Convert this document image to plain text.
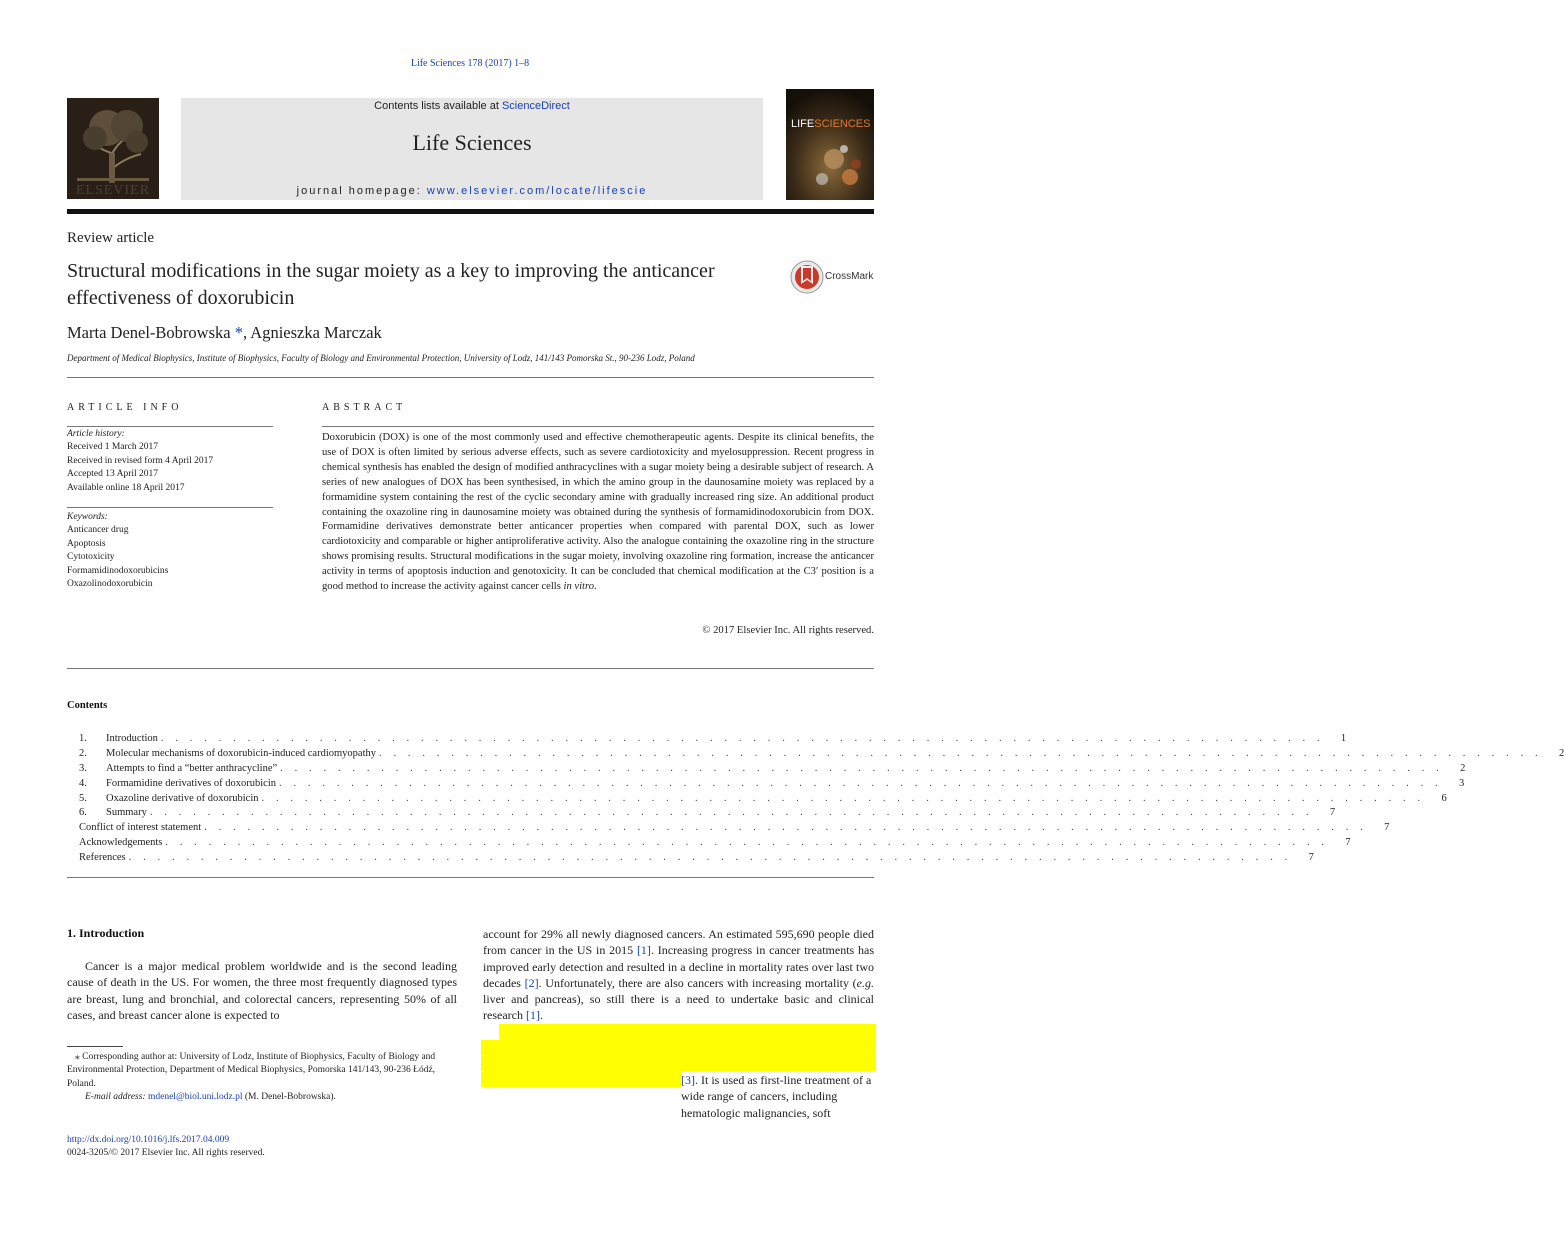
Life Sciences 178 (2017) 1–8
ELSEVIER
Contents lists available at ScienceDirect
Life Sciences
journal homepage: www.elsevier.com/locate/lifescie
LIFESCIENCES
Review article
Structural modifications in the sugar moiety as a key to improving the anticancer effectiveness of doxorubicin
CrossMark
Marta Denel-Bobrowska *, Agnieszka Marczak
Department of Medical Biophysics, Institute of Biophysics, Faculty of Biology and Environmental Protection, University of Lodz, 141/143 Pomorska St., 90-236 Lodz, Poland
ARTICLE INFO
Article history:
Received 1 March 2017
Received in revised form 4 April 2017
Accepted 13 April 2017
Available online 18 April 2017
Keywords:
Anticancer drug
Apoptosis
Cytotoxicity
Formamidinodoxorubicins
Oxazolinodoxorubicin
ABSTRACT
Doxorubicin (DOX) is one of the most commonly used and effective chemotherapeutic agents. Despite its clinical benefits, the use of DOX is often limited by serious adverse effects, such as severe cardiotoxicity and myelosuppression. Recent progress in chemical synthesis has enabled the design of modified anthracyclines with a sugar moiety being a desirable subject of research. A series of new analogues of DOX has been synthesised, in which the amino group in the daunosamine moiety was replaced by a formamidine system containing the rest of the cyclic secondary amine with gradually increased ring size. An additional product containing the oxazoline ring in daunosamine moiety was obtained during the synthesis of formamidinodoxorubicin from DOX. Formamidine derivatives demonstrate better anticancer properties when compared with parental DOX, such as lower cardiotoxicity and comparable or higher antiproliferative activity. Also the analogue containing the oxazoline ring in the structure shows promising results. Structural modifications in the sugar moiety, involving oxazoline ring formation, increase the anticancer activity in terms of apoptosis induction and genotoxicity. It can be concluded that chemical modification at the C3′ position is a good method to increase the activity against cancer cells in vitro.
© 2017 Elsevier Inc. All rights reserved.
Contents
1.	Introduction . . . . . . . . . . . . . . . . . . . . . . . . . . . . . . . . . . . . . . . . . . . . . . . . . . . . . . . . . . . . . . . . . . . . . . . . . . . . . . . . .	1
2.	Molecular mechanisms of doxorubicin-induced cardiomyopathy . . . . . . . . . . . . . . . . . . . . . . . . . . . . . . . . . . . . . . . . . . . . . . . . . . . . . . . . . . . . . . . . . . . . . . . . . . . . . . . . .	2
3.	Attempts to find a “better anthracycline” . . . . . . . . . . . . . . . . . . . . . . . . . . . . . . . . . . . . . . . . . . . . . . . . . . . . . . . . . . . . . . . . . . . . . . . . . . . . . . . . .	2
4.	Formamidine derivatives of doxorubicin . . . . . . . . . . . . . . . . . . . . . . . . . . . . . . . . . . . . . . . . . . . . . . . . . . . . . . . . . . . . . . . . . . . . . . . . . . . . . . . . .	3
5.	Oxazoline derivative of doxorubicin . . . . . . . . . . . . . . . . . . . . . . . . . . . . . . . . . . . . . . . . . . . . . . . . . . . . . . . . . . . . . . . . . . . . . . . . . . . . . . . . .	6
6.	Summary . . . . . . . . . . . . . . . . . . . . . . . . . . . . . . . . . . . . . . . . . . . . . . . . . . . . . . . . . . . . . . . . . . . . . . . . . . . . . . . . .	7
Conflict of interest statement . . . . . . . . . . . . . . . . . . . . . . . . . . . . . . . . . . . . . . . . . . . . . . . . . . . . . . . . . . . . . . . . . . . . . . . . . . . . . . . . .	7
Acknowledgements . . . . . . . . . . . . . . . . . . . . . . . . . . . . . . . . . . . . . . . . . . . . . . . . . . . . . . . . . . . . . . . . . . . . . . . . . . . . . . . . .	7
References . . . . . . . . . . . . . . . . . . . . . . . . . . . . . . . . . . . . . . . . . . . . . . . . . . . . . . . . . . . . . . . . . . . . . . . . . . . . . . . . .	7
1. Introduction
Cancer is a major medical problem worldwide and is the second leading cause of death in the US. For women, the three most frequently diagnosed types are breast, lung and bronchial, and colorectal cancers, representing 50% of all cases, and breast cancer alone is expected to
account for 29% all newly diagnosed cancers. An estimated 595,690 people died from cancer in the US in 2015 [1]. Increasing progress in cancer treatments has improved early detection and resulted in a decline in mortality rates over last two decades [2]. Unfortunately, there are also cancers with increasing mortality (e.g. liver and pancreas), so still there is a need to undertake basic and clinical research [1].
[3]. It is used as first-line treatment of a wide range of cancers, including hematologic malignancies, soft
⁎ Corresponding author at: University of Lodz, Institute of Biophysics, Faculty of Biology and Environmental Protection, Department of Medical Biophysics, Pomorska 141/143, 90-236 Łódź, Poland.
E-mail address: mdenel@biol.uni.lodz.pl (M. Denel-Bobrowska).
http://dx.doi.org/10.1016/j.lfs.2017.04.009
0024-3205/© 2017 Elsevier Inc. All rights reserved.
